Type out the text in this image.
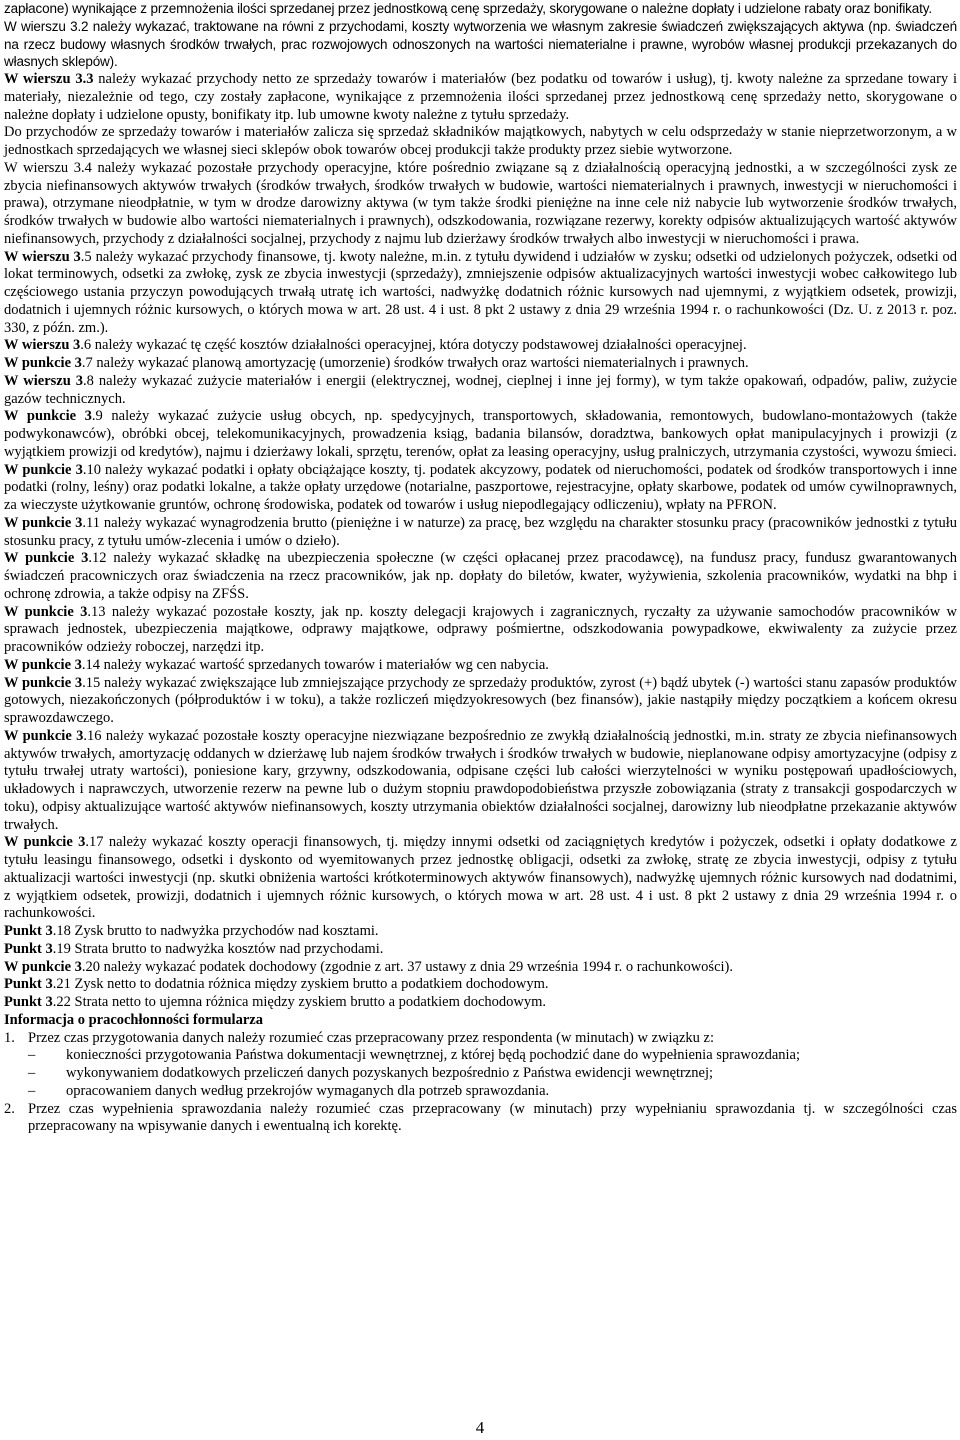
zapłacone) wynikające z przemnożenia ilości sprzedanej przez jednostkową cenę sprzedaży, skorygowane o należne dopłaty i udzielone rabaty oraz bonifikaty.

W wierszu 3.2 należy wykazać, traktowane na równi z przychodami, koszty wytworzenia we własnym zakresie świadczeń zwiększających aktywa (np. świadczeń na rzecz budowy własnych środków trwałych, prac rozwojowych odnoszonych na wartości niematerialne i prawne, wyrobów własnej produkcji przekazanych do własnych sklepów).

W wierszu 3.3 należy wykazać przychody netto ze sprzedaży towarów i materiałów (bez podatku od towarów i usług), tj. kwoty należne za sprzedane towary i materiały, niezależnie od tego, czy zostały zapłacone, wynikające z przemnożenia ilości sprzedanej przez jednostkową cenę sprzedaży netto, skorygowane o należne dopłaty i udzielone opusty, bonifikaty itp. lub umowne kwoty należne z tytułu sprzedaży.

Do przychodów ze sprzedaży towarów i materiałów zalicza się sprzedaż składników majątkowych, nabytych w celu odsprzedaży w stanie nieprzetworzonym, a w jednostkach sprzedających we własnej sieci sklepów obok towarów obcej produkcji także produkty przez siebie wytworzone.

W wierszu 3.4 należy wykazać pozostałe przychody operacyjne, które pośrednio związane są z działalnością operacyjną jednostki, a w szczególności zysk ze zbycia niefinansowych aktywów trwałych (środków trwałych, środków trwałych w budowie, wartości niematerialnych i prawnych, inwestycji w nieruchomości i prawa), otrzymane nieodpłatnie, w tym w drodze darowizny aktywa (w tym także środki pieniężne na inne cele niż nabycie lub wytworzenie środków trwałych, środków trwałych w budowie albo wartości niematerialnych i prawnych), odszkodowania, rozwiązane rezerwy, korekty odpisów aktualizujących wartość aktywów niefinansowych, przychody z działalności socjalnej, przychody z najmu lub dzierżawy środków trwałych albo inwestycji w nieruchomości i prawa.

W wierszu 3.5 należy wykazać przychody finansowe, tj. kwoty należne, m.in. z tytułu dywidend i udziałów w zysku; odsetki od udzielonych pożyczek, odsetki od lokat terminowych, odsetki za zwłokę, zysk ze zbycia inwestycji (sprzedaży), zmniejszenie odpisów aktualizacyjnych wartości inwestycji wobec całkowitego lub częściowego ustania przyczyn powodujących trwałą utratę ich wartości, nadwyżkę dodatnich różnic kursowych nad ujemnymi, z wyjątkiem odsetek, prowizji, dodatnich i ujemnych różnic kursowych, o których mowa w art. 28 ust. 4 i ust. 8 pkt 2 ustawy z dnia 29 września 1994 r. o rachunkowości (Dz. U. z 2013 r. poz. 330, z późn. zm.).

W wierszu 3.6 należy wykazać tę część kosztów działalności operacyjnej, która dotyczy podstawowej działalności operacyjnej.

W punkcie 3.7 należy wykazać planową amortyzację (umorzenie) środków trwałych oraz wartości niematerialnych i prawnych.

W wierszu 3.8 należy wykazać zużycie materiałów i energii (elektrycznej, wodnej, cieplnej i inne jej formy), w tym także opakowań, odpadów, paliw, zużycie gazów technicznych.

W punkcie 3.9 należy wykazać zużycie usług obcych, np. spedycyjnych, transportowych, składowania, remontowych, budowlano-montażowych (także podwykonawców), obróbki obcej, telekomunikacyjnych, prowadzenia ksiąg, badania bilansów, doradztwa, bankowych opłat manipulacyjnych i prowizji (z wyjątkiem prowizji od kredytów), najmu i dzierżawy lokali, sprzętu, terenów, opłat za leasing operacyjny, usług pralniczych, utrzymania czystości, wywozu śmieci.

W punkcie 3.10 należy wykazać podatki i opłaty obciążające koszty, tj. podatek akcyzowy, podatek od nieruchomości, podatek od środków transportowych i inne podatki (rolny, leśny) oraz podatki lokalne, a także opłaty urzędowe (notarialne, paszportowe, rejestracyjne, opłaty skarbowe, podatek od umów cywilnoprawnych, za wieczyste użytkowanie gruntów, ochronę środowiska, podatek od towarów i usług niepodlegający odliczeniu), wpłaty na PFRON.

W punkcie 3.11 należy wykazać wynagrodzenia brutto (pieniężne i w naturze) za pracę, bez względu na charakter stosunku pracy (pracowników jednostki z tytułu stosunku pracy, z tytułu umów-zlecenia i umów o dzieło).

W punkcie 3.12 należy wykazać składkę na ubezpieczenia społeczne (w części opłacanej przez pracodawcę), na fundusz pracy, fundusz gwarantowanych świadczeń pracowniczych oraz świadczenia na rzecz pracowników, jak np. dopłaty do biletów, kwater, wyżywienia, szkolenia pracowników, wydatki na bhp i ochronę zdrowia, a także odpisy na ZFŚS.

W punkcie 3.13 należy wykazać pozostałe koszty, jak np. koszty delegacji krajowych i zagranicznych, ryczałty za używanie samochodów pracowników w sprawach jednostek, ubezpieczenia majątkowe, odprawy majątkowe, odprawy pośmiertne, odszkodowania powypadkowe, ekwiwalenty za zużycie przez pracowników odzieży roboczej, narzędzi itp.

W punkcie 3.14 należy wykazać wartość sprzedanych towarów i materiałów wg cen nabycia.

W punkcie 3.15 należy wykazać zwiększające lub zmniejszające przychody ze sprzedaży produktów, zyrost (+) bądź ubytek (-) wartości stanu zapasów produktów gotowych, niezakończonych (półproduktów i w toku), a także rozliczeń międzyokresowych (bez finansów), jakie nastąpiły między początkiem a końcem okresu sprawozdawczego.

W punkcie 3.16 należy wykazać pozostałe koszty operacyjne niezwiązane bezpośrednio ze zwykłą działalnością jednostki, m.in. straty ze zbycia niefinansowych aktywów trwałych, amortyzację oddanych w dzierżawę lub najem środków trwałych i środków trwałych w budowie, nieplanowane odpisy amortyzacyjne (odpisy z tytułu trwałej utraty wartości), poniesione kary, grzywny, odszkodowania, odpisane części lub całości wierzytelności w wyniku postępowań upadłościowych, układowych i naprawczych, utworzenie rezerw na pewne lub o dużym stopniu prawdopodobieństwa przyszłe zobowiązania (straty z transakcji gospodarczych w toku), odpisy aktualizujące wartość aktywów niefinansowych, koszty utrzymania obiektów działalności socjalnej, darowizny lub nieodpłatne przekazanie aktywów trwałych.

W punkcie 3.17 należy wykazać koszty operacji finansowych, tj. między innymi odsetki od zaciągniętych kredytów i pożyczek, odsetki i opłaty dodatkowe z tytułu leasingu finansowego, odsetki i dyskonto od wyemitowanych przez jednostkę obligacji, odsetki za zwłokę, stratę ze zbycia inwestycji, odpisy z tytułu aktualizacji wartości inwestycji (np. skutki obniżenia wartości krótkoterminowych aktywów finansowych), nadwyżkę ujemnych różnic kursowych nad dodatnimi, z wyjątkiem odsetek, prowizji, dodatnich i ujemnych różnic kursowych, o których mowa w art. 28 ust. 4 i ust. 8 pkt 2 ustawy z dnia 29 września 1994 r. o rachunkowości.

Punkt 3.18 Zysk brutto to nadwyżka przychodów nad kosztami.

Punkt 3.19 Strata brutto to nadwyżka kosztów nad przychodami.

W punkcie 3.20 należy wykazać podatek dochodowy (zgodnie z art. 37 ustawy z dnia 29 września 1994 r. o rachunkowości).

Punkt 3.21 Zysk netto to dodatnia różnica między zyskiem brutto a podatkiem dochodowym.

Punkt 3.22 Strata netto to ujemna różnica między zyskiem brutto a podatkiem dochodowym.

Informacja o pracochłonności formularza

1. Przez czas przygotowania danych należy rozumieć czas przepracowany przez respondenta (w minutach) w związku z:
–	konieczności przygotowania Państwa dokumentacji wewnętrznej, z której będą pochodzić dane do wypełnienia sprawozdania;
–	wykonywaniem dodatkowych przeliczeń danych pozyskanych bezpośrednio z Państwa ewidencji wewnętrznej;
–	opracowaniem danych według przekrojów wymaganych dla potrzeb sprawozdania.
2. Przez czas wypełnienia sprawozdania należy rozumieć czas przepracowany (w minutach) przy wypełnianiu sprawozdania tj. w szczególności czas przepracowany na wpisywanie danych i ewentualną ich korektę.
4
